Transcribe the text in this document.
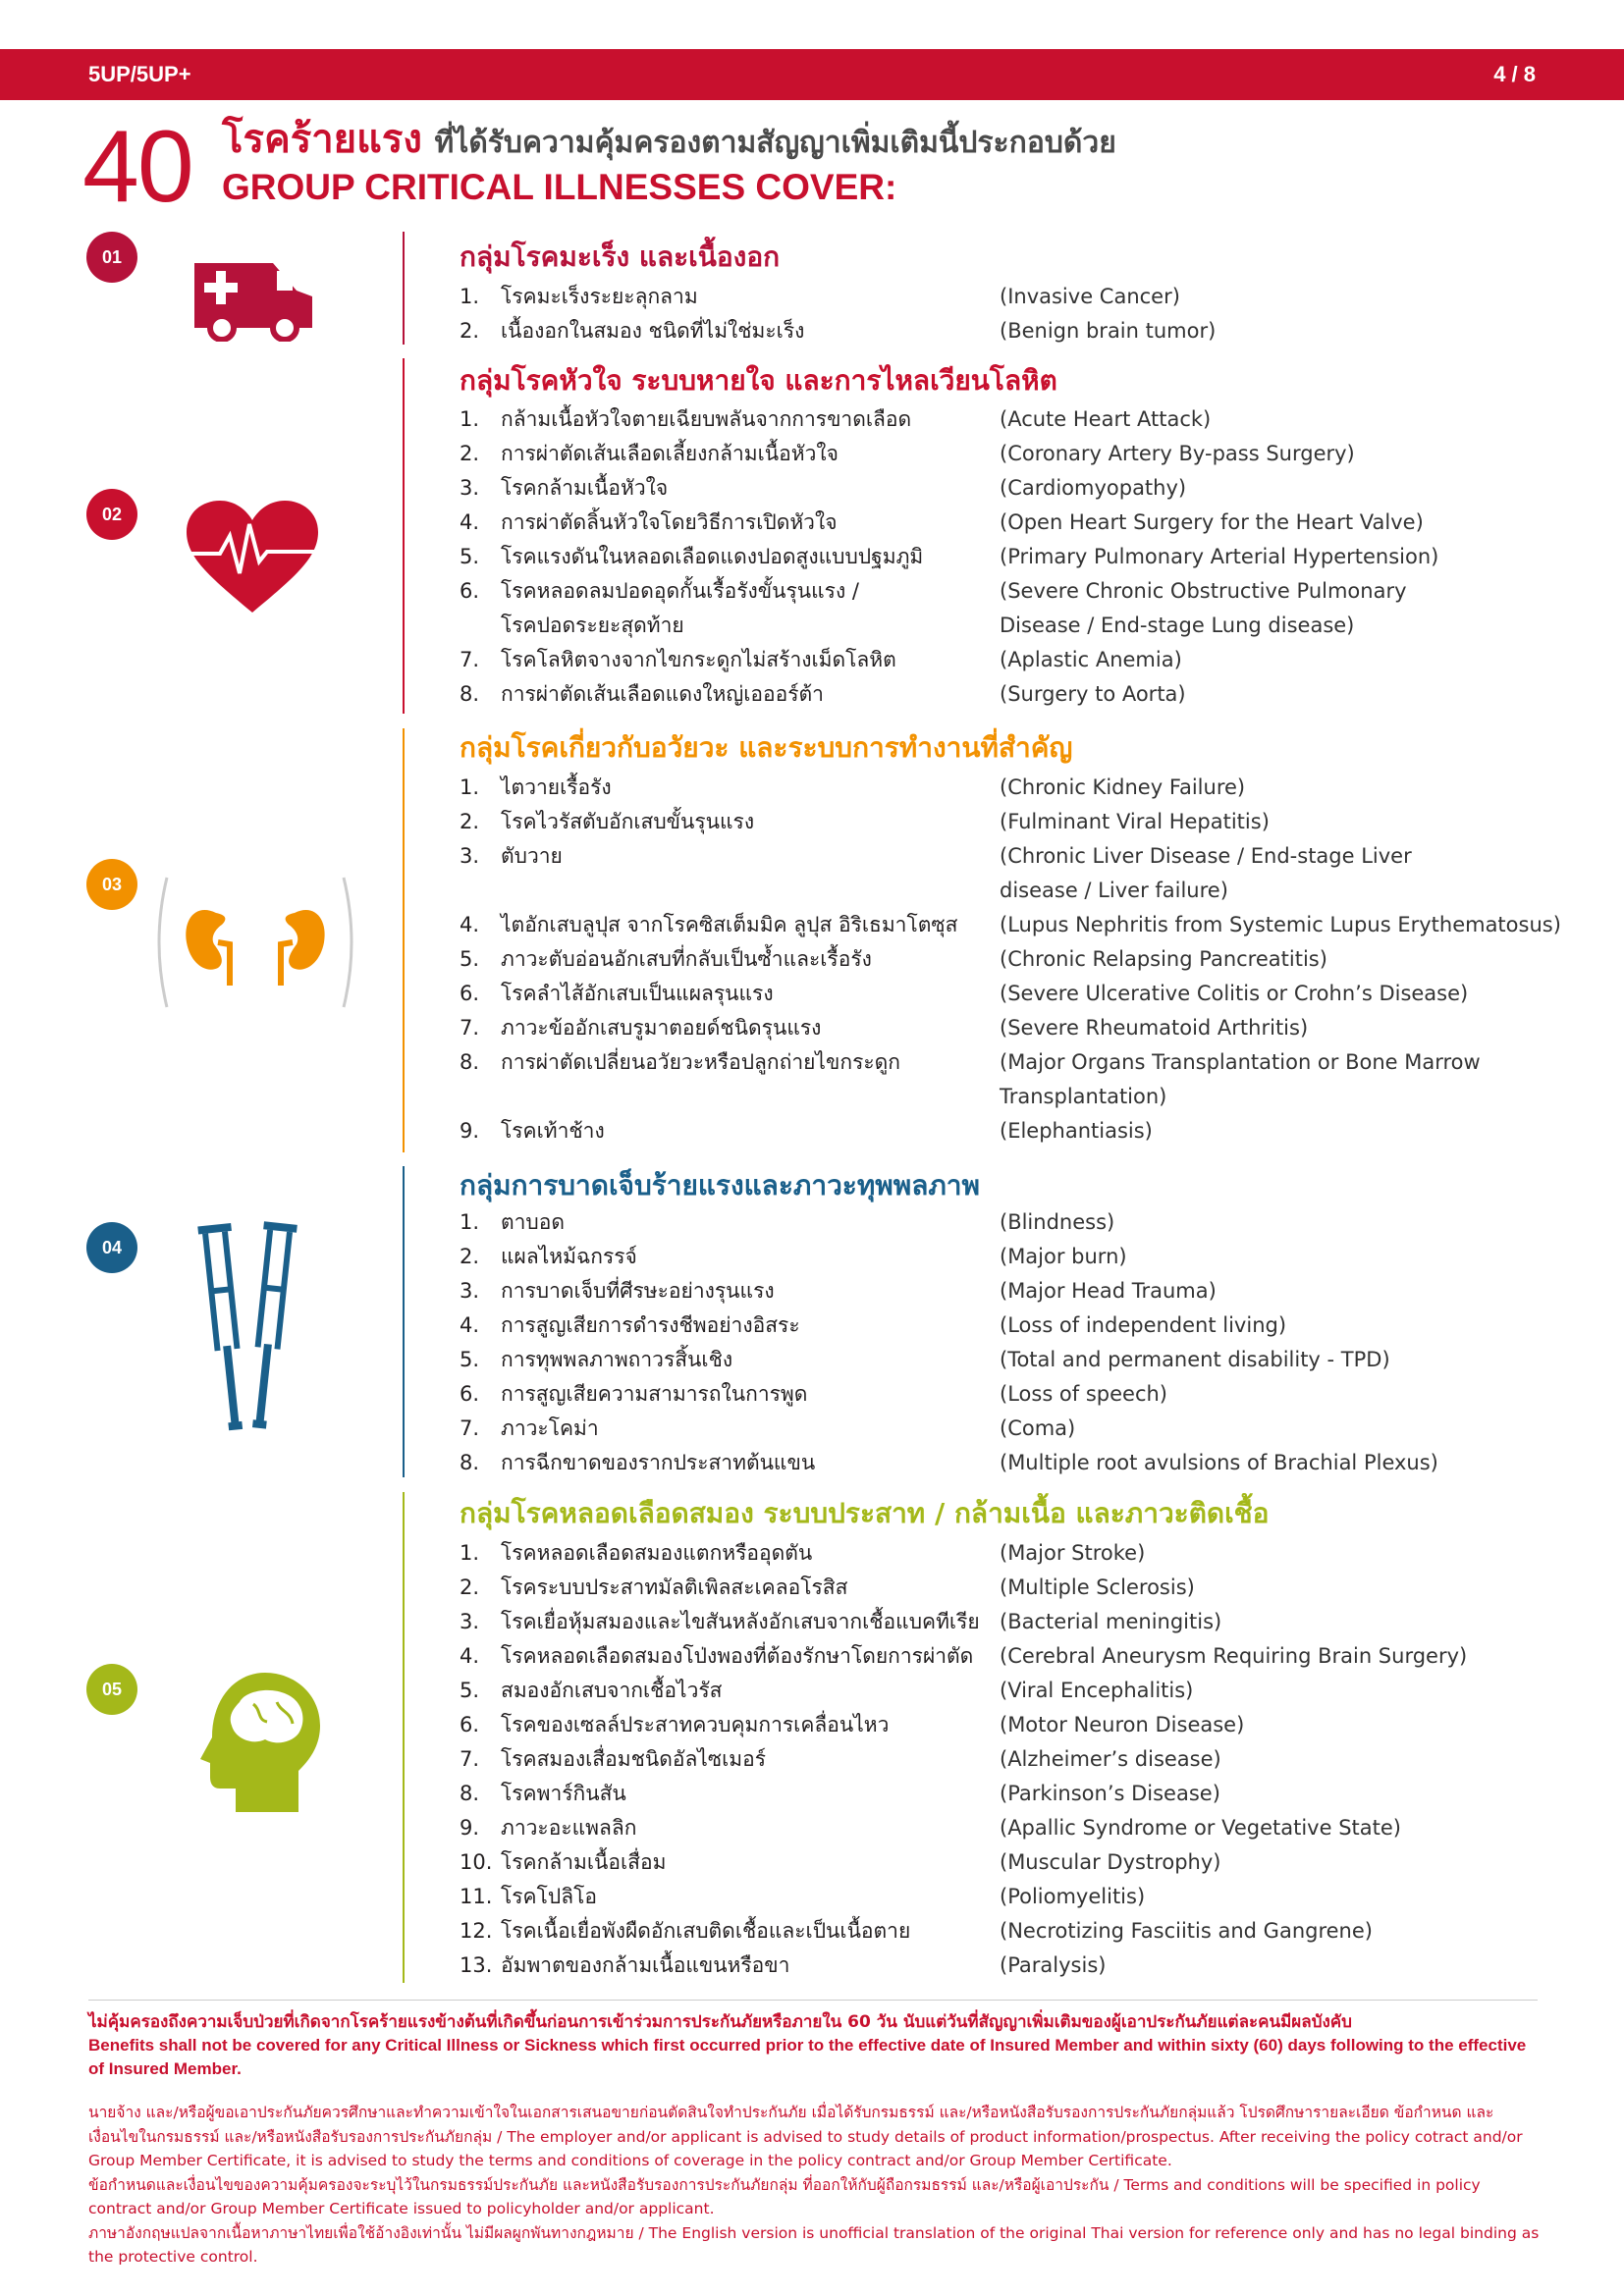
5UP/5UP+	4 / 8
40 โรคร้ายแรง ที่ได้รับความคุ้มครองตามสัญญาเพิ่มเติมนี้ประกอบด้วย
GROUP CRITICAL ILLNESSES COVER:
01
02
03
04
05
กลุ่มโรคมะเร็ง และเนื้องอก
กลุ่มโรคหัวใจ ระบบหายใจ และการไหลเวียนโลหิต
กลุ่มโรคเกี่ยวกับอวัยวะ และระบบการทำงานที่สำคัญ
กลุ่มการบาดเจ็บร้ายแรงและภาวะทุพพลภาพ
กลุ่มโรคหลอดเลือดสมอง ระบบประสาท / กล้ามเนื้อ และภาวะติดเชื้อ
1.	โรคมะเร็งระยะลุกลาม	(Invasive Cancer)
2.	เนื้องอกในสมอง ชนิดที่ไม่ใช่มะเร็ง	(Benign brain tumor)
1.	กล้ามเนื้อหัวใจตายเฉียบพลันจากการขาดเลือด	(Acute Heart Attack)
2.	การผ่าตัดเส้นเลือดเลี้ยงกล้ามเนื้อหัวใจ	(Coronary Artery By-pass Surgery)
3.	โรคกล้ามเนื้อหัวใจ	(Cardiomyopathy)
4.	การผ่าตัดลิ้นหัวใจโดยวิธีการเปิดหัวใจ	(Open Heart Surgery for the Heart Valve)
5.	โรคแรงดันในหลอดเลือดแดงปอดสูงแบบปฐมภูมิ	(Primary Pulmonary Arterial Hypertension)
6.	โรคหลอดลมปอดอุดกั้นเรื้อรังขั้นรุนแรง /	(Severe Chronic Obstructive Pulmonary
โรคปอดระยะสุดท้าย	Disease / End-stage Lung disease)
7.	โรคโลหิตจางจากไขกระดูกไม่สร้างเม็ดโลหิต	(Aplastic Anemia)
8.	การผ่าตัดเส้นเลือดแดงใหญ่เอออร์ต้า	(Surgery to Aorta)
1.	ไตวายเรื้อรัง	(Chronic Kidney Failure)
2.	โรคไวรัสตับอักเสบขั้นรุนแรง	(Fulminant Viral Hepatitis)
3.	ตับวาย	(Chronic Liver Disease / End-stage Liver
disease / Liver failure)
4.	ไตอักเสบลูปุส จากโรคซิสเต็มมิค ลูปุส อิริเธมาโตซุส (Lupus Nephritis from Systemic Lupus Erythematosus)
5.	ภาวะตับอ่อนอักเสบที่กลับเป็นซ้ำและเรื้อรัง	(Chronic Relapsing Pancreatitis)
6.	โรคลำไส้อักเสบเป็นแผลรุนแรง	(Severe Ulcerative Colitis or Crohn’s Disease)
7.	ภาวะข้ออักเสบรูมาตอยด์ชนิดรุนแรง	(Severe Rheumatoid Arthritis)
8.	การผ่าตัดเปลี่ยนอวัยวะหรือปลูกถ่ายไขกระดูก	(Major Organs Transplantation or Bone Marrow
Transplantation)
9.	โรคเท้าช้าง	(Elephantiasis)
1.	ตาบอด	(Blindness)
2.	แผลไหม้ฉกรรจ์	(Major burn)
3.	การบาดเจ็บที่ศีรษะอย่างรุนแรง	(Major Head Trauma)
4.	การสูญเสียการดำรงชีพอย่างอิสระ	(Loss of independent living)
5.	การทุพพลภาพถาวรสิ้นเชิง	(Total and permanent disability - TPD)
6.	การสูญเสียความสามารถในการพูด	(Loss of speech)
7.	ภาวะโคม่า	(Coma)
8.	การฉีกขาดของรากประสาทต้นแขน	(Multiple root avulsions of Brachial Plexus)
1.	โรคหลอดเลือดสมองแตกหรืออุดตัน	(Major Stroke)
2.	โรคระบบประสาทมัลติเพิลสะเคลอโรสิส	(Multiple Sclerosis)
3.	โรคเยื่อหุ้มสมองและไขสันหลังอักเสบจากเชื้อแบคทีเรีย (Bacterial meningitis)
4.	โรคหลอดเลือดสมองโป่งพองที่ต้องรักษาโดยการผ่าตัด (Cerebral Aneurysm Requiring Brain Surgery)
5.	สมองอักเสบจากเชื้อไวรัส	(Viral Encephalitis)
6.	โรคของเซลล์ประสาทควบคุมการเคลื่อนไหว	(Motor Neuron Disease)
7.	โรคสมองเสื่อมชนิดอัลไซเมอร์	(Alzheimer’s disease)
8.	โรคพาร์กินสัน	(Parkinson’s Disease)
9.	ภาวะอะแพลลิก	(Apallic Syndrome or Vegetative State)
10. โรคกล้ามเนื้อเสื่อม	(Muscular Dystrophy)
11. โรคโปลิโอ	(Poliomyelitis)
12. โรคเนื้อเยื่อพังผืดอักเสบติดเชื้อและเป็นเนื้อตาย	(Necrotizing Fasciitis and Gangrene)
13. อัมพาตของกล้ามเนื้อแขนหรือขา	(Paralysis)
ไม่คุ้มครองถึงความเจ็บป่วยที่เกิดจากโรคร้ายแรงข้างต้นที่เกิดขึ้นก่อนการเข้าร่วมการประกันภัยหรือภายใน 60 วัน นับแต่วันที่สัญญาเพิ่มเติมของผู้เอาประกันภัยแต่ละคนมีผลบังคับ
Benefits shall not be covered for any Critical Illness or Sickness which first occurred prior to the effective date of Insured Member and within sixty (60) days following to the effective of Insured Member.

นายจ้าง และ/หรือผู้ขอเอาประกันภัยควรศึกษาและทำความเข้าใจในเอกสารเสนอขายก่อนตัดสินใจทำประกันภัย เมื่อได้รับกรมธรรม์ และ/หรือหนังสือรับรองการประกันภัยกลุ่มแล้ว โปรดศึกษารายละเอียด ข้อกำหนด และเงื่อนไขในกรมธรรม์ และ/หรือหนังสือรับรองการประกันภัยกลุ่ม / The employer and/or applicant is advised to study details of product information/prospectus. After receiving the policy cotract and/or Group Member Certificate, it is advised to study the terms and conditions of coverage in the policy contract and/or Group Member Certificate.

ข้อกำหนดและเงื่อนไขของความคุ้มครองจะระบุไว้ในกรมธรรม์ประกันภัย และหนังสือรับรองการประกันภัยกลุ่ม ที่ออกให้กับผู้ถือกรมธรรม์ และ/หรือผู้เอาประกัน / Terms and conditions will be specified in policy contract and/or Group Member Certificate issued to policyholder and/or applicant.

ภาษาอังกฤษแปลจากเนื้อหาภาษาไทยเพื่อใช้อ้างอิงเท่านั้น ไม่มีผลผูกพันทางกฎหมาย / The English version is unofficial translation of the original Thai version for reference only and has no legal binding as the protective control.
